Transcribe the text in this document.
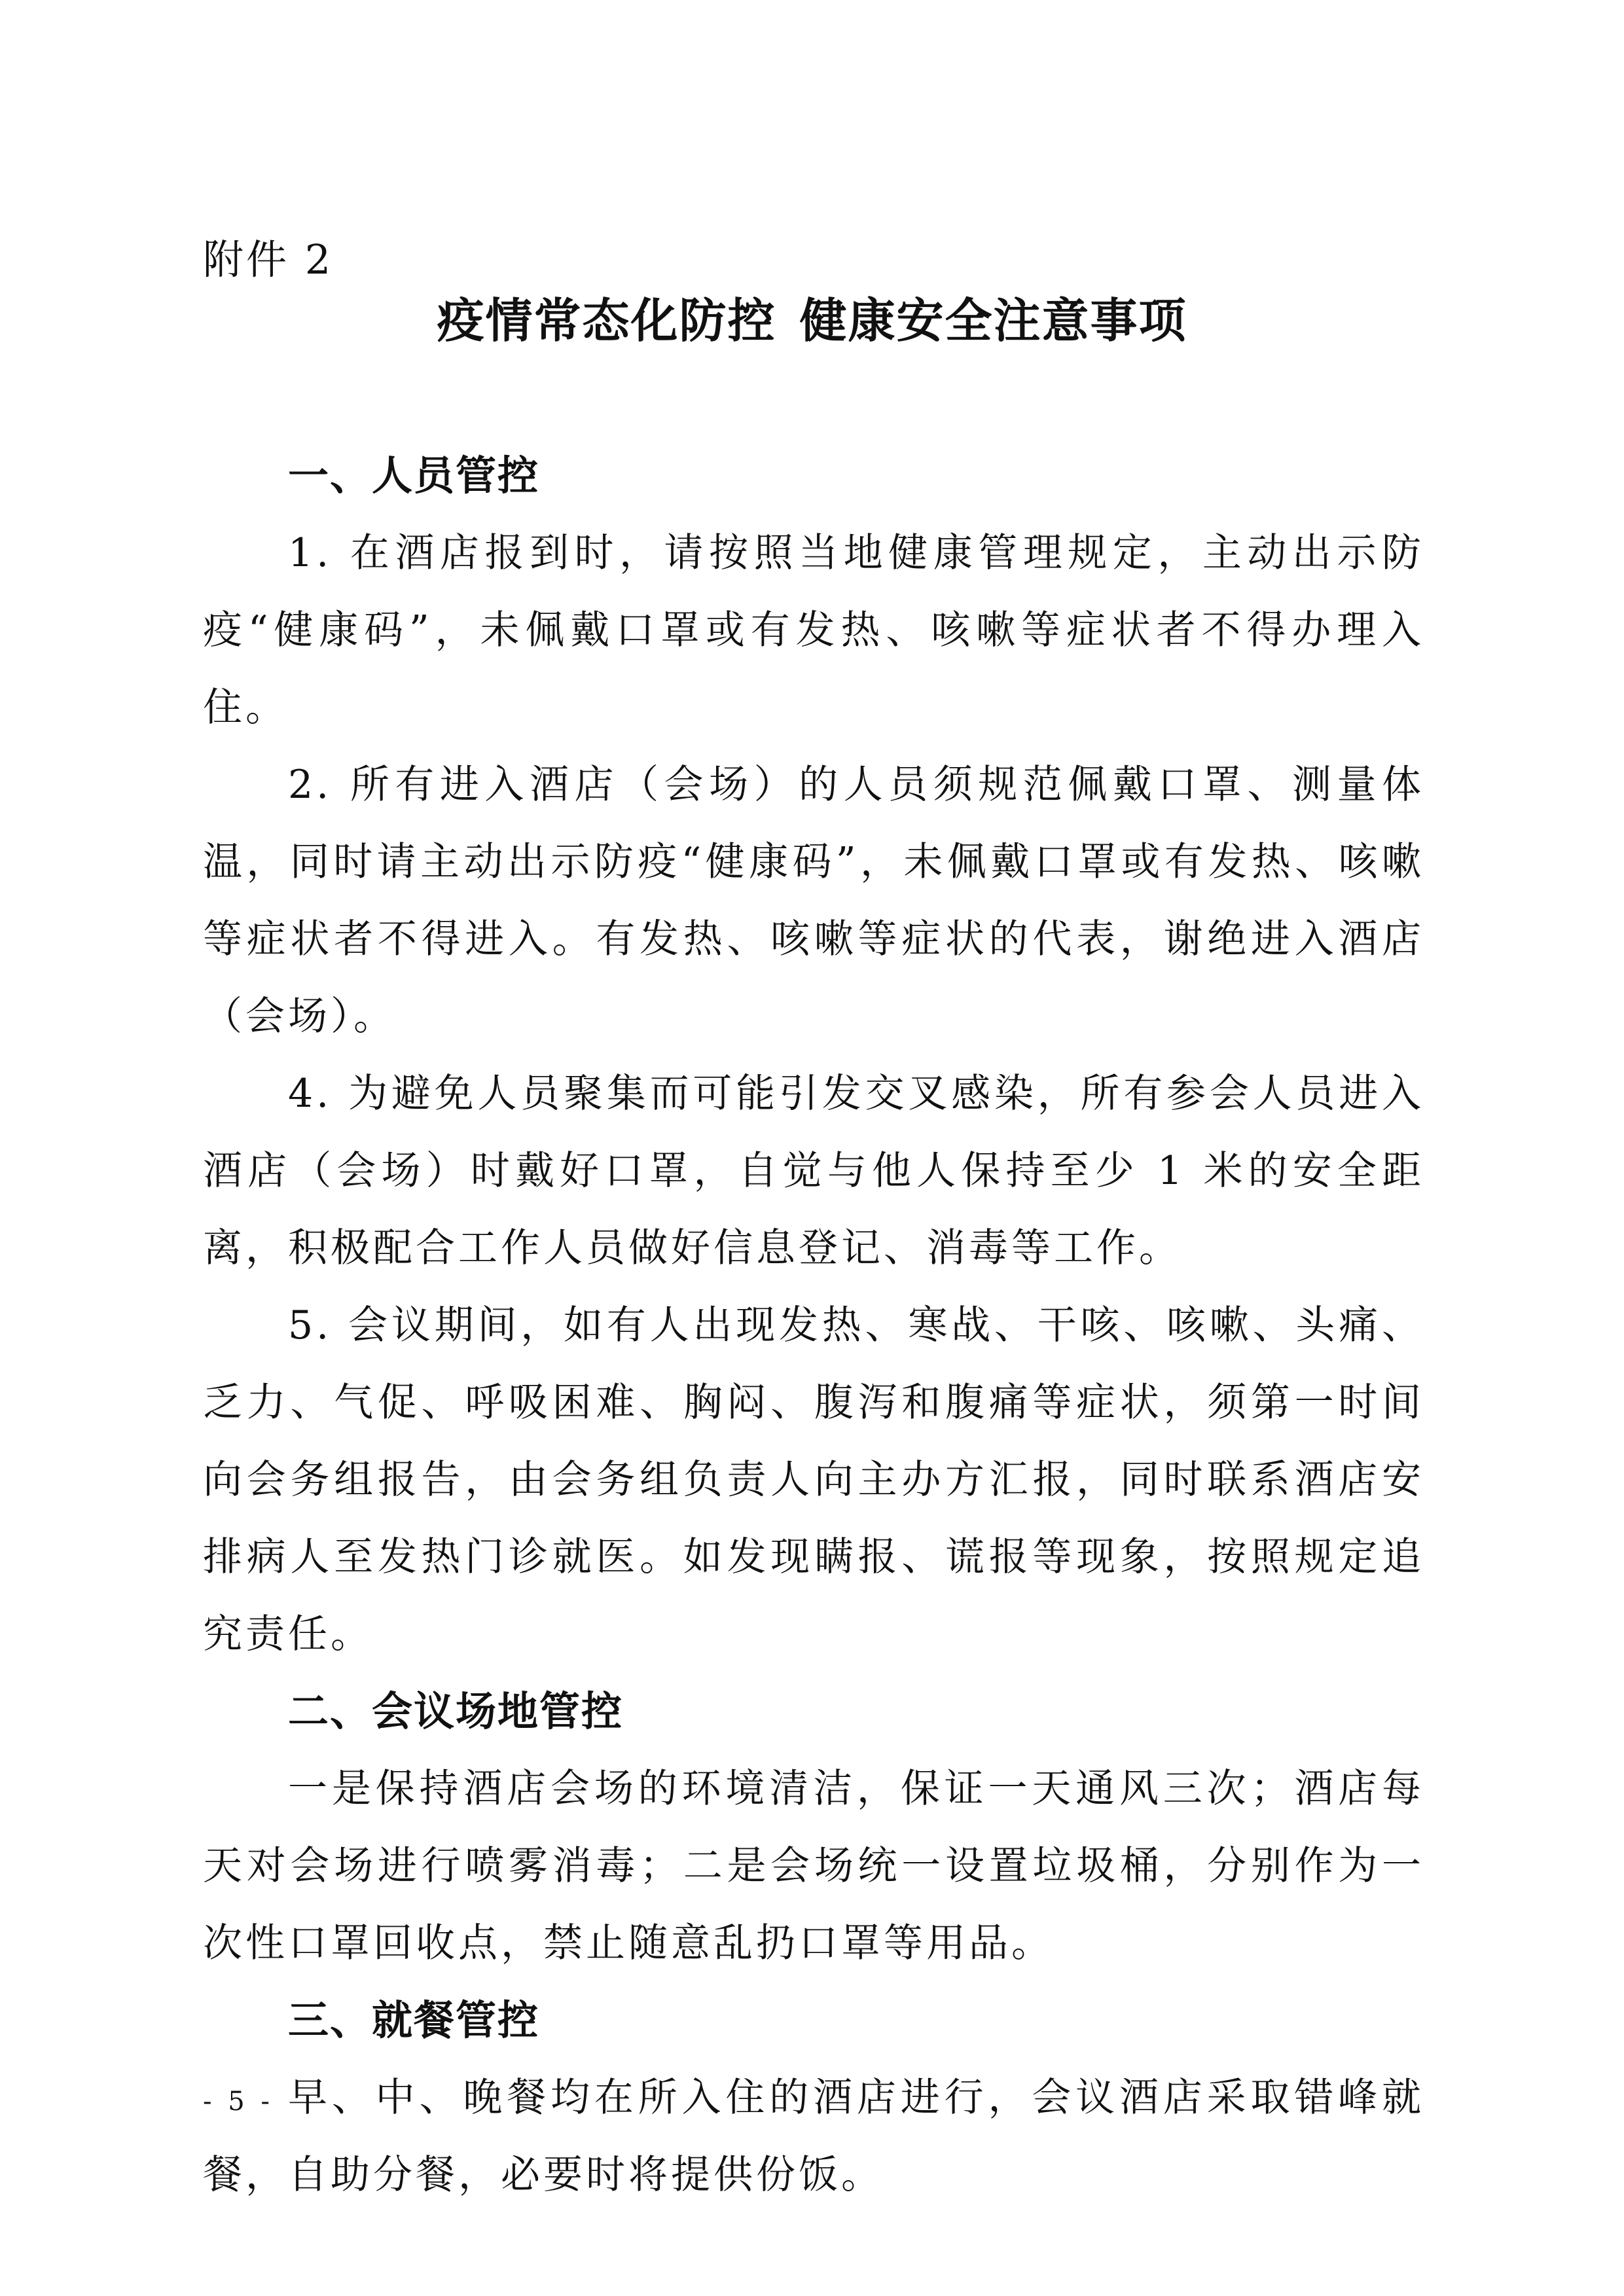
附件 2
疫情常态化防控 健康安全注意事项
一、人员管控

1. 在酒店报到时，请按照当地健康管理规定，主动出示防疫“健康码”，未佩戴口罩或有发热、咳嗽等症状者不得办理入住。

2. 所有进入酒店（会场）的人员须规范佩戴口罩、测量体温，同时请主动出示防疫“健康码”，未佩戴口罩或有发热、咳嗽等症状者不得进入。有发热、咳嗽等症状的代表，谢绝进入酒店（会场）。

4. 为避免人员聚集而可能引发交叉感染，所有参会人员进入酒店（会场）时戴好口罩，自觉与他人保持至少 1 米的安全距离，积极配合工作人员做好信息登记、消毒等工作。

5. 会议期间，如有人出现发热、寒战、干咳、咳嗽、头痛、乏力、气促、呼吸困难、胸闷、腹泻和腹痛等症状，须第一时间向会务组报告，由会务组负责人向主办方汇报，同时联系酒店安排病人至发热门诊就医。如发现瞒报、谎报等现象，按照规定追究责任。

二、会议场地管控

一是保持酒店会场的环境清洁，保证一天通风三次；酒店每天对会场进行喷雾消毒；二是会场统一设置垃圾桶，分别作为一次性口罩回收点，禁止随意乱扔口罩等用品。

三、就餐管控

早、中、晚餐均在所入住的酒店进行，会议酒店采取错峰就餐，自助分餐，必要时将提供份饭。

- 5 -
